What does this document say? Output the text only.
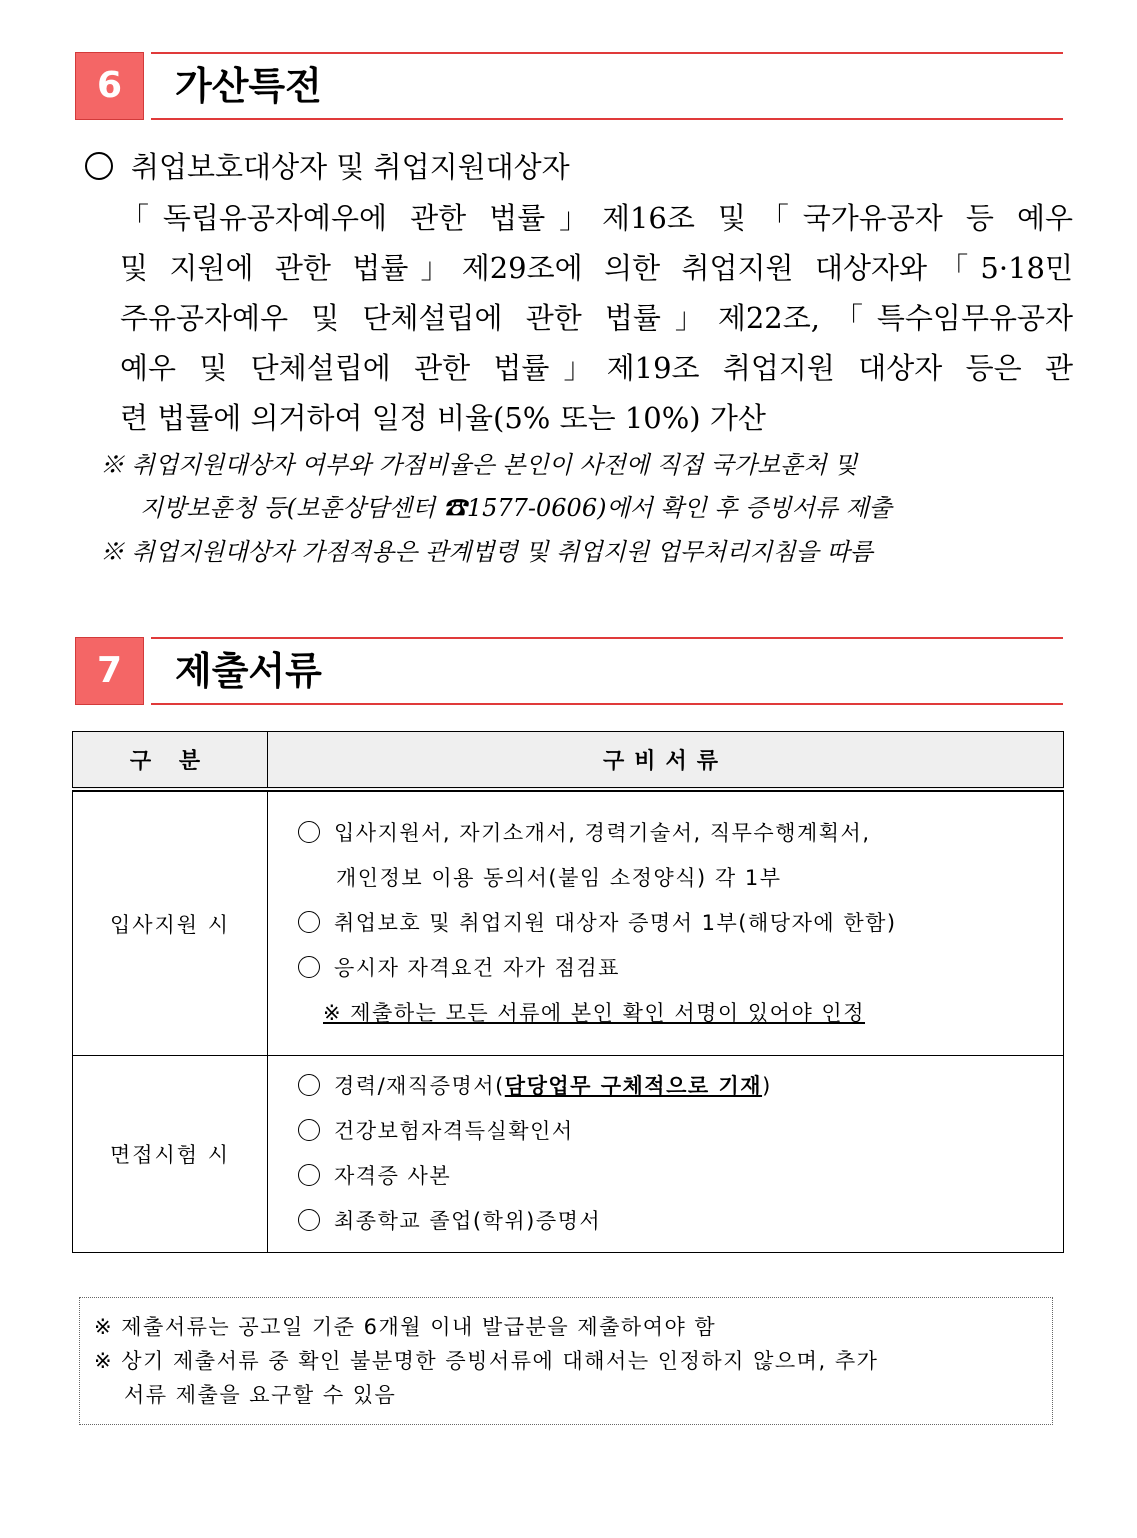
6	가산특전
취업보호대상자 및 취업지원대상자
「독립유공자예우에 관한 법률」제16조 및「국가유공자 등 예우
및 지원에 관한 법률」제29조에 의한 취업지원 대상자와「5·18민
주유공자예우 및 단체설립에 관한 법률」제22조,「특수임무유공자
예우 및 단체설립에 관한 법률」제19조 취업지원 대상자 등은 관
련 법률에 의거하여 일정 비율(5% 또는 10%) 가산
※ 취업지원대상자 여부와 가점비율은 본인이 사전에 직접 국가보훈처 및
지방보훈청 등(보훈상담센터 ☎1577-0606)에서 확인 후 증빙서류 제출
※ 취업지원대상자 가점적용은 관계법령 및 취업지원 업무처리지침을 따름
7	제출서류
구 분	구비서류

입사지원 시	입사지원서, 자기소개서, 경력기술서, 직무수행계획서,
개인정보 이용 동의서(붙임 소정양식) 각 1부
취업보호 및 취업지원 대상자 증명서 1부(해당자에 한함)
응시자 자격요건 자가 점검표
※ 제출하는 모든 서류에 본인 확인 서명이 있어야 인정

면접시험 시	경력/재직증명서(담당업무 구체적으로 기재)
건강보험자격득실확인서
자격증 사본
최종학교 졸업(학위)증명서
※ 제출서류는 공고일 기준 6개월 이내 발급분을 제출하여야 함
※ 상기 제출서류 중 확인 불분명한 증빙서류에 대해서는 인정하지 않으며, 추가
서류 제출을 요구할 수 있음
